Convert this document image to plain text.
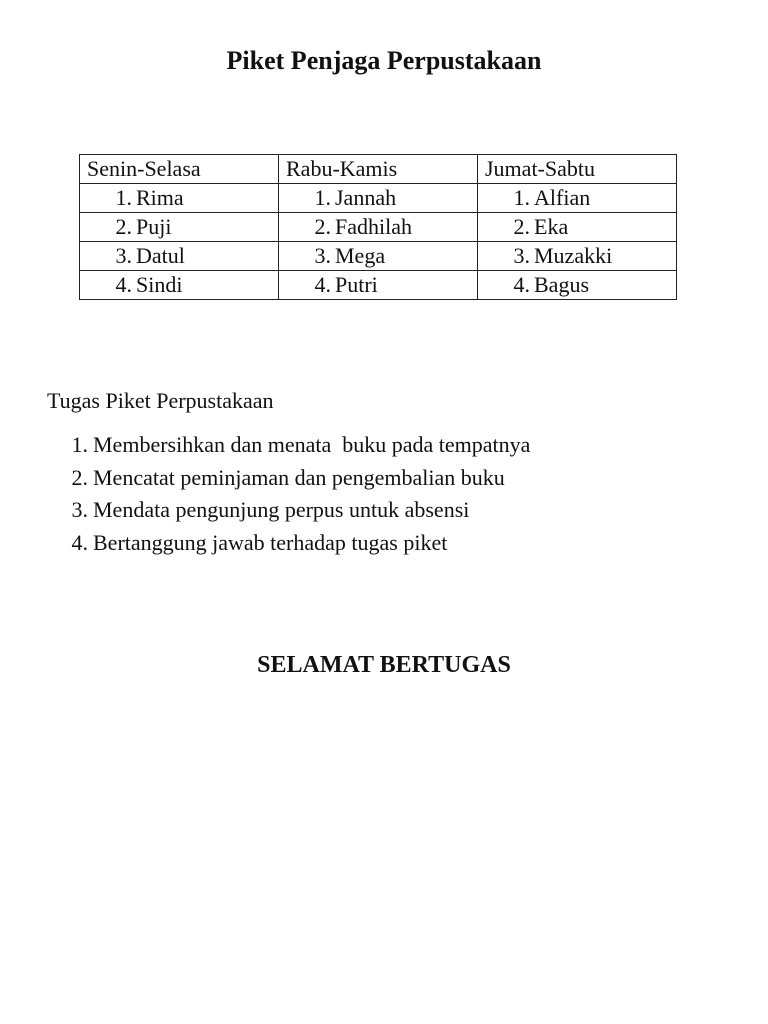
Piket Penjaga Perpustakaan
Senin-Selasa	Rabu-Kamis	Jumat-Sabtu
1. Rima	1. Jannah	1. Alfian
2. Puji	2. Fadhilah	2. Eka
3. Datul	3. Mega	3. Muzakki
4. Sindi	4. Putri	4. Bagus
Tugas Piket Perpustakaan
1. Membersihkan dan menata  buku pada tempatnya
2. Mencatat peminjaman dan pengembalian buku
3. Mendata pengunjung perpus untuk absensi
4. Bertanggung jawab terhadap tugas piket
SELAMAT BERTUGAS
